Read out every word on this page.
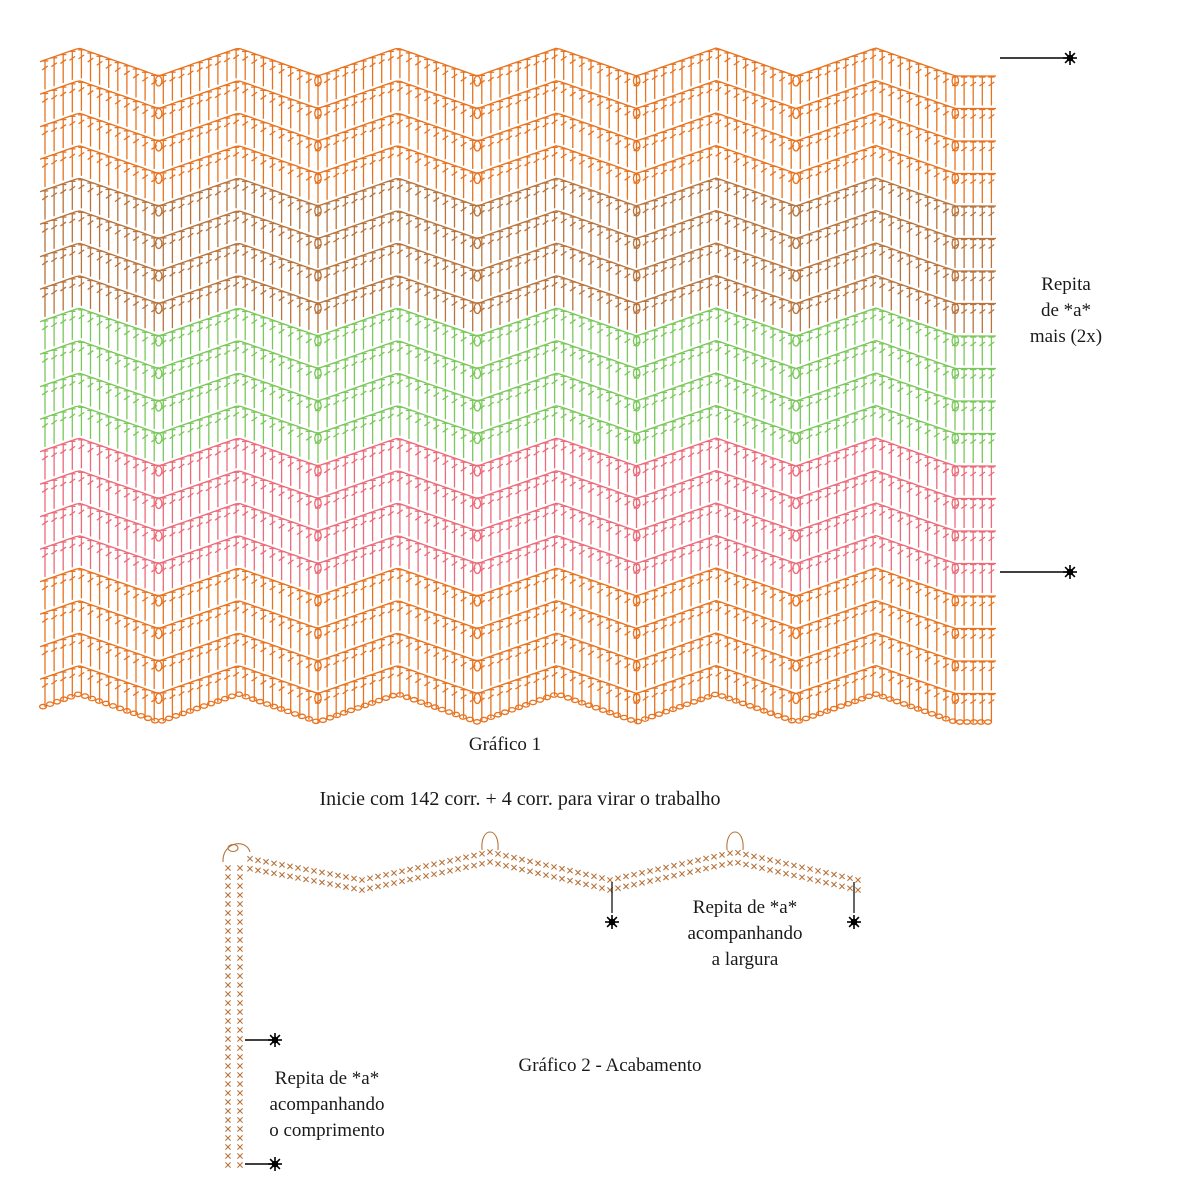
Repita
de *a*
mais (2x)

Gráfico 1

Inicie com 142 corr. + 4 corr. para virar o trabalho

Repita de *a*
acompanhando
a largura

Gráfico 2 - Acabamento

Repita de *a*
acompanhando
o comprimento
